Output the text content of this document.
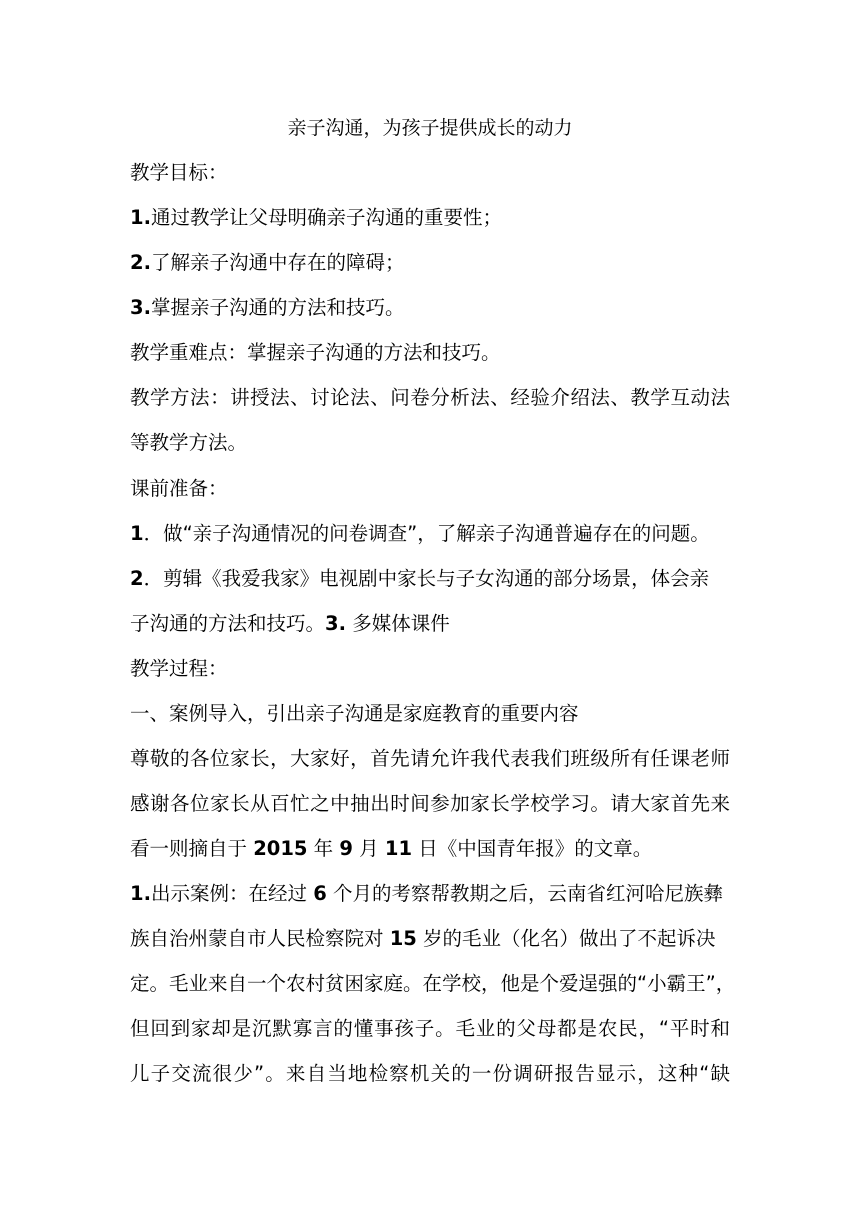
亲子沟通，为孩子提供成长的动力
教学目标：
1.通过教学让父母明确亲子沟通的重要性；
2.了解亲子沟通中存在的障碍；
3.掌握亲子沟通的方法和技巧。
教学重难点：掌握亲子沟通的方法和技巧。
教学方法：讲授法、讨论法、问卷分析法、经验介绍法、教学互动法
等教学方法。
课前准备：
1．做“亲子沟通情况的问卷调查”，了解亲子沟通普遍存在的问题。
2．剪辑《我爱我家》电视剧中家长与子女沟通的部分场景，体会亲
子沟通的方法和技巧。3. 多媒体课件
教学过程：
一、案例导入，引出亲子沟通是家庭教育的重要内容
尊敬的各位家长，大家好，首先请允许我代表我们班级所有任课老师
感谢各位家长从百忙之中抽出时间参加家长学校学习。请大家首先来
看一则摘自于 2015 年 9 月 11 日《中国青年报》的文章。
1.出示案例：在经过 6 个月的考察帮教期之后，云南省红河哈尼族彝
族自治州蒙自市人民检察院对 15 岁的毛业（化名）做出了不起诉决
定。毛业来自一个农村贫困家庭。在学校，他是个爱逞强的“小霸王”，
但回到家却是沉默寡言的懂事孩子。毛业的父母都是农民，“平时和
儿子交流很少”。来自当地检察机关的一份调研报告显示，这种“缺
